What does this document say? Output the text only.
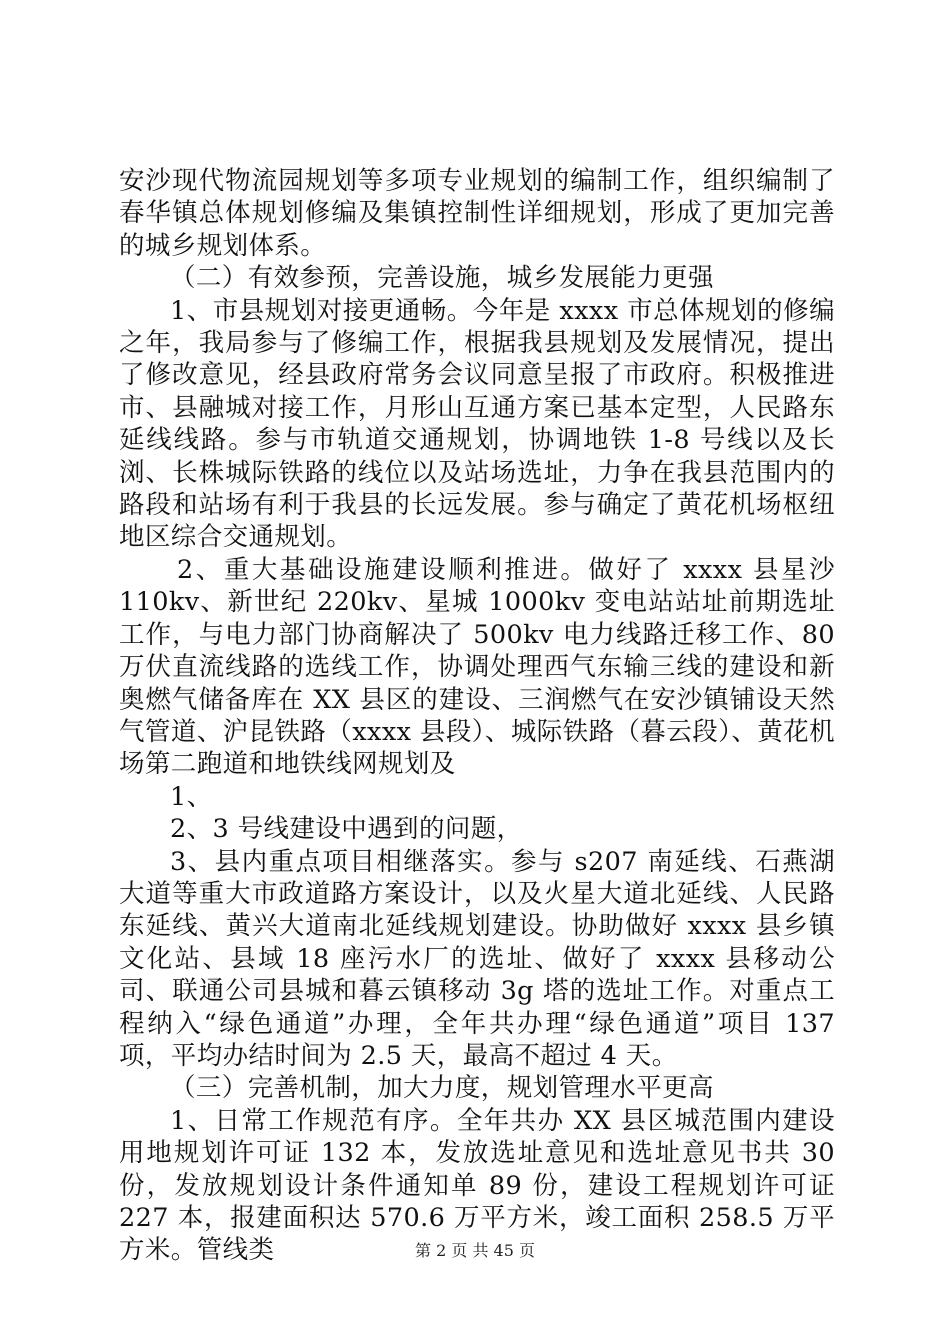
安沙现代物流园规划等多项专业规划的编制工作，组织编制了春华镇总体规划修编及集镇控制性详细规划，形成了更加完善的城乡规划体系。

（二）有效参预，完善设施，城乡发展能力更强

1、市县规划对接更通畅。今年是 xxxx 市总体规划的修编之年，我局参与了修编工作，根据我县规划及发展情况，提出了修改意见，经县政府常务会议同意呈报了市政府。积极推进市、县融城对接工作，月形山互通方案已基本定型，人民路东延线线路。参与市轨道交通规划，协调地铁 1-8 号线以及长浏、长株城际铁路的线位以及站场选址，力争在我县范围内的路段和站场有利于我县的长远发展。参与确定了黄花机场枢纽地区综合交通规划。

2、重大基础设施建设顺利推进。做好了 xxxx 县星沙 110kv、新世纪 220kv、星城 1000kv 变电站站址前期选址工作，与电力部门协商解决了 500kv 电力线路迁移工作、80 万伏直流线路的选线工作，协调处理西气东输三线的建设和新奥燃气储备库在 XX 县区的建设、三润燃气在安沙镇铺设天然气管道、沪昆铁路（xxxx 县段）、城际铁路（暮云段）、黄花机场第二跑道和地铁线网规划及

1、

2、3 号线建设中遇到的问题，

3、县内重点项目相继落实。参与 s207 南延线、石燕湖大道等重大市政道路方案设计，以及火星大道北延线、人民路东延线、黄兴大道南北延线规划建设。协助做好 xxxx 县乡镇文化站、县域 18 座污水厂的选址、做好了 xxxx 县移动公司、联通公司县城和暮云镇移动 3g 塔的选址工作。对重点工程纳入“绿色通道”办理，全年共办理“绿色通道”项目 137 项，平均办结时间为 2.5 天，最高不超过 4 天。

（三）完善机制，加大力度，规划管理水平更高

1、日常工作规范有序。全年共办 XX 县区城范围内建设用地规划许可证 132 本，发放选址意见和选址意见书共 30 份，发放规划设计条件通知单 89 份，建设工程规划许可证 227 本，报建面积达 570.6 万平方米，竣工面积 258.5 万平方米。管线类	第 2 页 共 45 页
